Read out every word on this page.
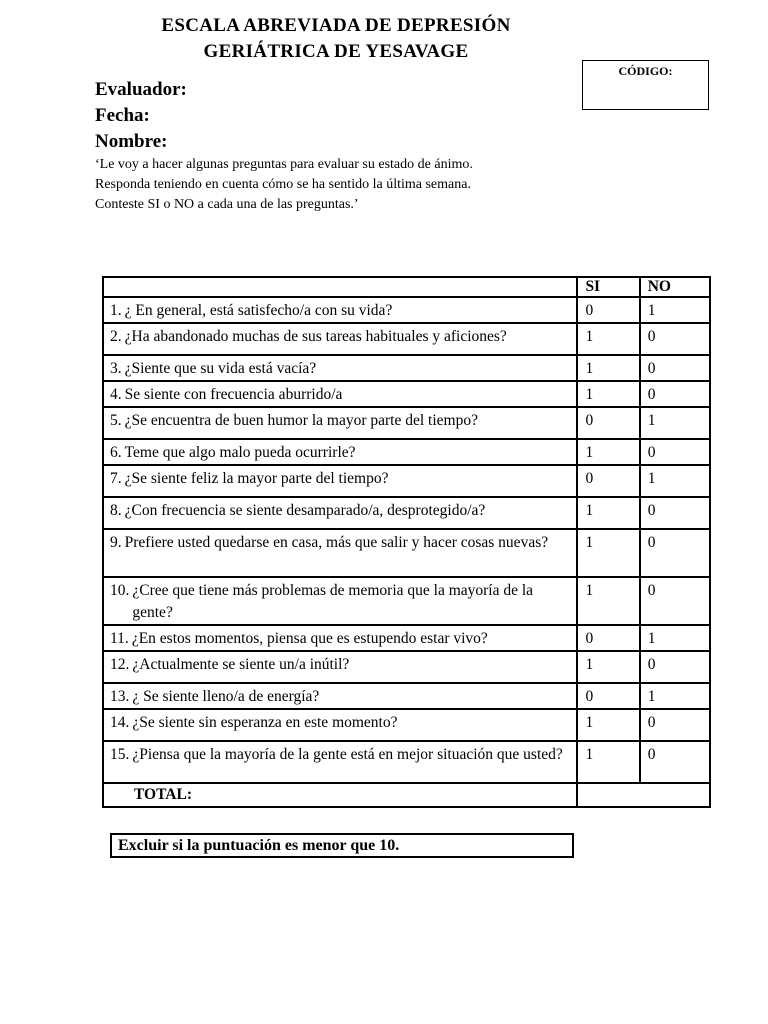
ESCALA ABREVIADA DE DEPRESIÓN
GERIÁTRICA DE YESAVAGE
CÓDIGO:
Evaluador:
Fecha:
Nombre:
‘Le voy a hacer algunas preguntas para evaluar su estado de ánimo.
Responda teniendo en cuenta cómo se ha sentido la última semana.
Conteste SI o NO a cada una de las preguntas.’

	SI	NO

1. ¿ En general, está satisfecho/a con su vida?	0	1

2. ¿Ha abandonado muchas de sus tareas habituales y aficiones?	1	0

3. ¿Siente que su vida está vacía?	1	0

4. Se siente con frecuencia aburrido/a	1	0

5. ¿Se encuentra de buen humor la mayor parte del tiempo?	0	1

6. Teme que algo malo pueda ocurrirle?	1	0

7. ¿Se siente feliz la mayor parte del tiempo?	0	1

8. ¿Con frecuencia se siente desamparado/a, desprotegido/a?	1	0

9. Prefiere usted quedarse en casa, más que salir y hacer cosas nuevas?	1	0

10. ¿Cree que tiene más problemas de memoria que la mayoría de la gente?	1	0

11. ¿En estos momentos, piensa que es estupendo estar vivo?	0	1

12. ¿Actualmente se siente un/a inútil?	1	0

13. ¿ Se siente lleno/a de energía?	0	1

14. ¿Se siente sin esperanza en este momento?	1	0

15. ¿Piensa que la mayoría de la gente está en mejor situación que usted?	1	0

TOTAL:		

Excluir si la puntuación es menor que 10.
